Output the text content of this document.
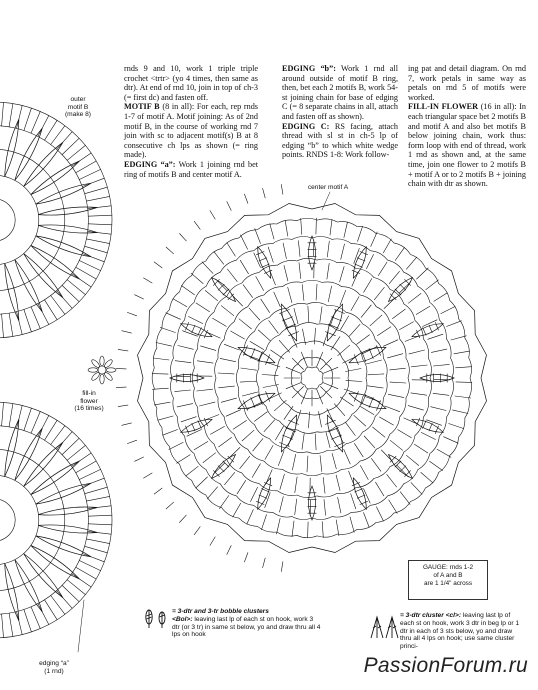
rnds 9 and 10, work 1 triple triple crochet <trtr> (yo 4 times, then same as dtr). At end of rnd 10, join in top of ch-3 (= first dc) and fasten off.

MOTIF B (8 in all): For each, rep rnds 1-7 of motif A. Motif joining: As of 2nd motif B, in the course of working rnd 7 join with sc to adjacent motif(s) B at 8 consecutive ch lps as shown (= ring made).

EDGING “a”: Work 1 joining rnd bet ring of motifs B and center motif A.

EDGING “b”: Work 1 rnd all around outside of motif B ring, then, bet each 2 motifs B, work 54-st joining chain for base of edging C (= 8 separate chains in all, attach and fasten off as shown).

EDGING C: RS facing, attach thread with sl st in ch-5 lp of edging “b” to which white wedge points. RNDS 1-8: Work follow-

ing pat and detail diagram. On rnd 7, work petals in same way as petals on rnd 5 of motifs were worked.

FILL-IN FLOWER (16 in all): In each triangular space bet 2 motifs B and motif A and also bet motifs B below joining chain, work thus: form loop with end of thread, work 1 rnd as shown and, at the same time, join one flower to 2 motifs B + motif A or to 2 motifs B + joining chain with dtr as shown.

outer
motif B
(make 8)
center motif A
fill-in
flower
(16 times)
edging “a”
(1 rnd)
GAUGE: rnds 1-2
of A and B
are 1 1/4" across
= 3-dtr and 3-tr bobble clusters
<Bol>: leaving last lp of each st on hook, work 3 dtr (or 3 tr) in same st below, yo and draw thru all 4 lps on hook
= 3-dtr cluster <cl>: leaving last lp of each st on hook, work 3 dtr in beg lp or 1 dtr in each of 3 sts below, yo and draw thru all 4 lps on hook; use same cluster princi-
PassionForum.ru
